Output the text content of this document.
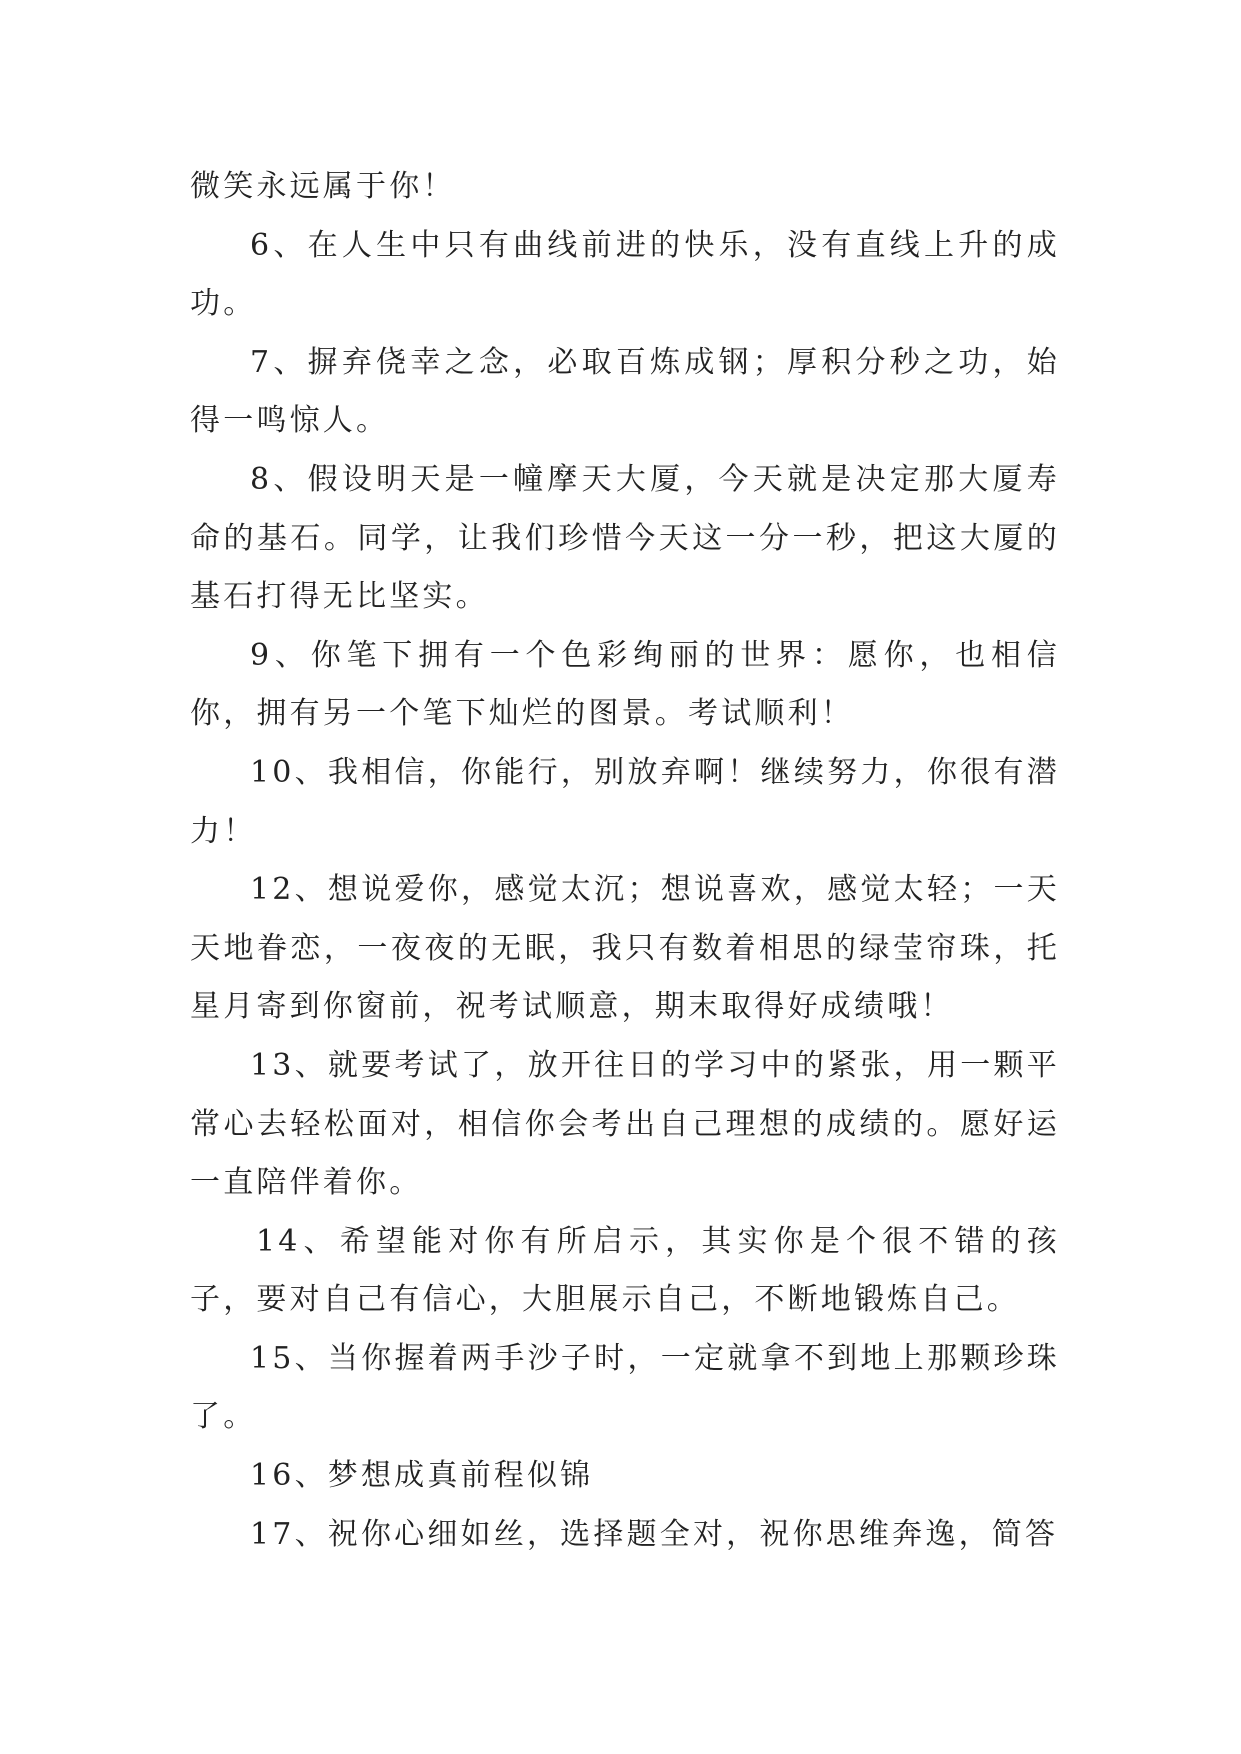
微笑永远属于你！

6、在人生中只有曲线前进的快乐，没有直线上升的成功。

7、摒弃侥幸之念，必取百炼成钢；厚积分秒之功，始得一鸣惊人。

8、假设明天是一幢摩天大厦，今天就是决定那大厦寿命的基石。同学，让我们珍惜今天这一分一秒，把这大厦的基石打得无比坚实。

9、你笔下拥有一个色彩绚丽的世界：愿你，也相信你，拥有另一个笔下灿烂的图景。考试顺利！

10、我相信，你能行，别放弃啊！继续努力，你很有潜力！

12、想说爱你，感觉太沉；想说喜欢，感觉太轻；一天天地眷恋，一夜夜的无眠，我只有数着相思的绿莹帘珠，托星月寄到你窗前，祝考试顺意，期末取得好成绩哦！

13、就要考试了，放开往日的学习中的紧张，用一颗平常心去轻松面对，相信你会考出自己理想的成绩的。愿好运一直陪伴着你。

14、希望能对你有所启示，其实你是个很不错的孩子，要对自己有信心，大胆展示自己，不断地锻炼自己。

15、当你握着两手沙子时，一定就拿不到地上那颗珍珠了。

16、梦想成真前程似锦

17、祝你心细如丝，选择题全对，祝你思维奔逸，简答
